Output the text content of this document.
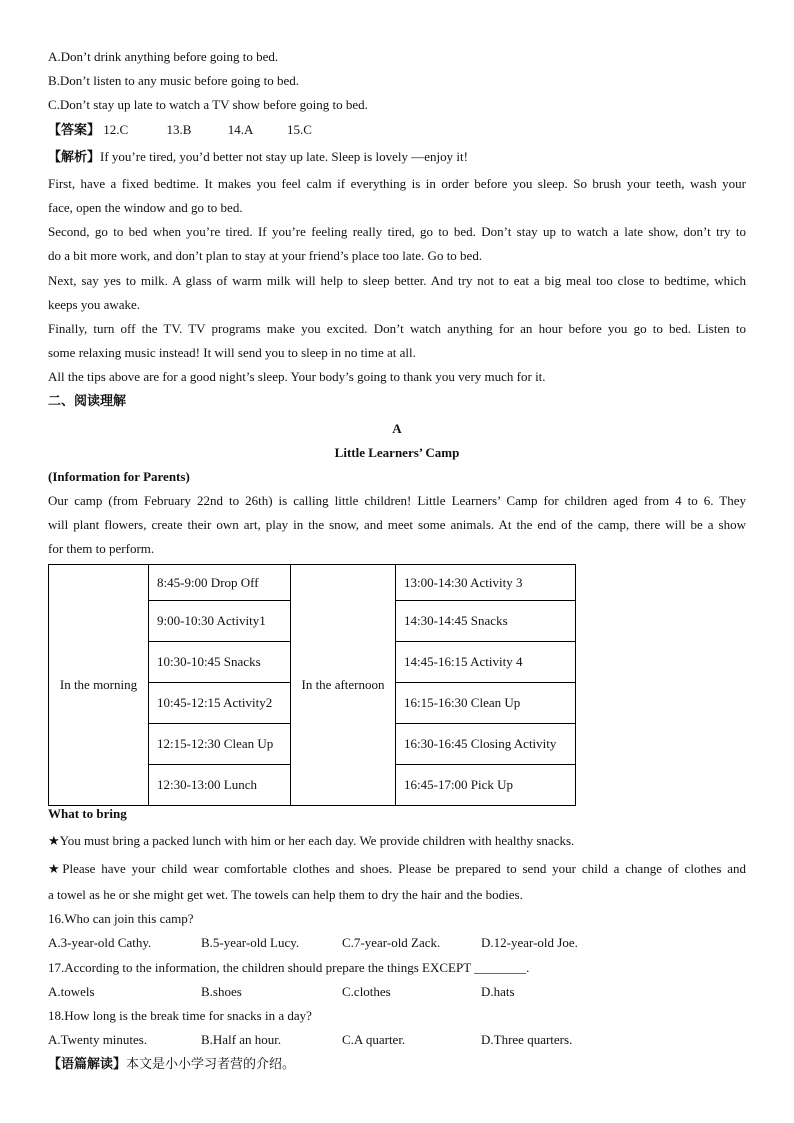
A.Don’t drink anything before going to bed.
B.Don’t listen to any music before going to bed.
C.Don’t stay up late to watch a TV show before going to bed.
【答案】 12.C	13.B	14.A	15.C
【解析】If you’re tired, you’d better not stay up late. Sleep is lovely —enjoy it!
First, have a fixed bedtime. It makes you feel calm if everything is in order before you sleep. So brush your teeth, wash your
face, open the window and go to bed.
Second, go to bed when you’re tired. If you’re feeling really tired, go to bed. Don’t stay up to watch a late show, don’t try to
do a bit more work, and don’t plan to stay at your friend’s place too late. Go to bed.
Next, say yes to milk. A glass of warm milk will help to sleep better. And try not to eat a big meal too close to bedtime, which
keeps you awake.
Finally, turn off the TV. TV programs make you excited. Don’t watch anything for an hour before you go to bed. Listen to
some relaxing music instead! It will send you to sleep in no time at all.
All the tips above are for a good night’s sleep. Your body’s going to thank you very much for it.
二、阅读理解
A
Little Learners’ Camp
(Information for Parents)
Our camp (from February 22nd to 26th) is calling little children! Little Learners’ Camp for children aged from 4 to 6. They
will plant flowers, create their own art, play in the snow, and meet some animals. At the end of the camp, there will be a show
for them to perform.
In the morning	8:45-9:00 Drop Off	In the afternoon	13:00-14:30 Activity 3
	9:00-10:30 Activity1		14:30-14:45 Snacks
	10:30-10:45 Snacks		14:45-16:15 Activity 4
	10:45-12:15 Activity2		16:15-16:30 Clean Up
	12:15-12:30 Clean Up		16:30-16:45 Closing Activity
	12:30-13:00 Lunch		16:45-17:00 Pick Up
What to bring
★You must bring a packed lunch with him or her each day. We provide children with healthy snacks.
★Please have your child wear comfortable clothes and shoes. Please be prepared to send your child a change of clothes and
a towel as he or she might get wet. The towels can help them to dry the hair and the bodies.
16.Who can join this camp?
A.3-year-old Cathy.	B.5-year-old Lucy.	C.7-year-old Zack.	D.12-year-old Joe.
17.According to the information, the children should prepare the things EXCEPT ________.
A.towels	B.shoes	C.clothes	D.hats
18.How long is the break time for snacks in a day?
A.Twenty minutes.	B.Half an hour.	C.A quarter.	D.Three quarters.
【语篇解读】本文是小小学习者营的介绍。
